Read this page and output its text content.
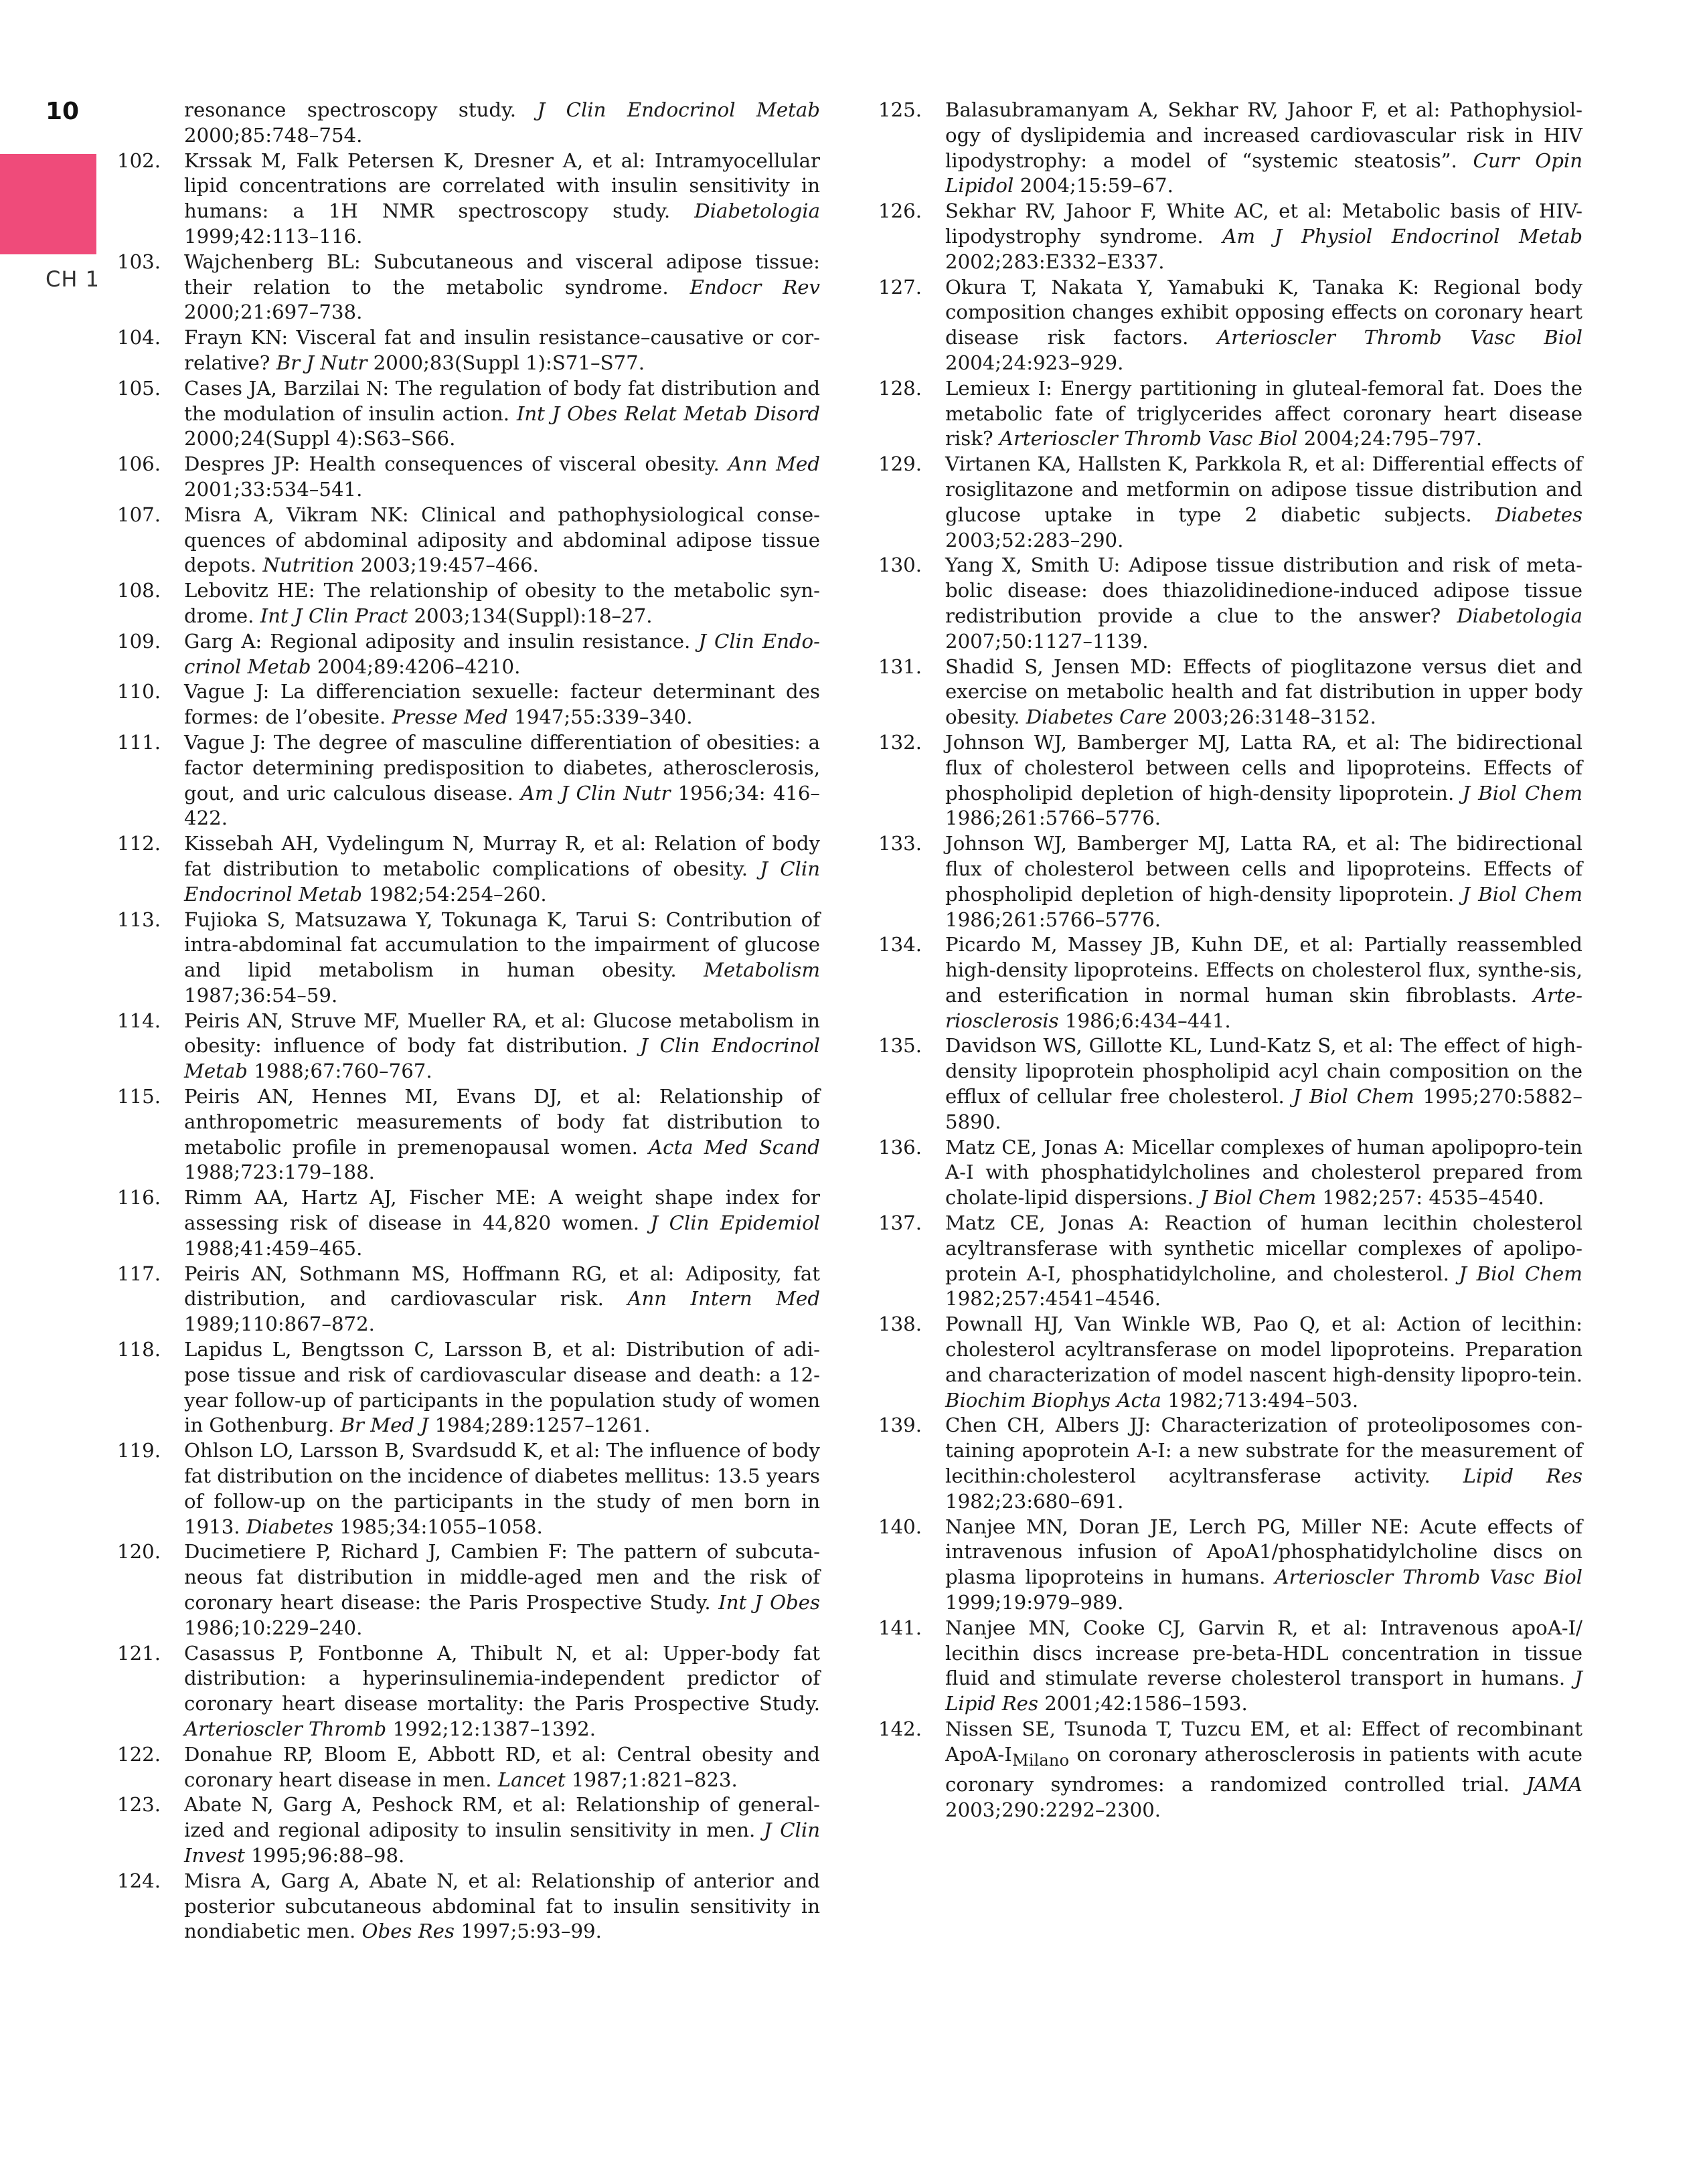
10
CH 1

resonance spectroscopy study. J Clin Endocrinol Metab 2000;85:748–754.

102. Krssak M, Falk Petersen K, Dresner A, et al: Intramyocellular lipid concentrations are correlated with insulin sensitivity in humans: a 1H NMR spectroscopy study. Diabetologia 1999;42:113–116.

103. Wajchenberg BL: Subcutaneous and visceral adipose tissue: their relation to the metabolic syndrome. Endocr Rev 2000;21:697–738.

104. Frayn KN: Visceral fat and insulin resistance–causative or cor-relative? Br J Nutr 2000;83(Suppl 1):S71–S77.

105. Cases JA, Barzilai N: The regulation of body fat distribution and the modulation of insulin action. Int J Obes Relat Metab Disord 2000;24(Suppl 4):S63–S66.

106. Despres JP: Health consequences of visceral obesity. Ann Med 2001;33:534–541.

107. Misra A, Vikram NK: Clinical and pathophysiological conse-quences of abdominal adiposity and abdominal adipose tissue depots. Nutrition 2003;19:457–466.

108. Lebovitz HE: The relationship of obesity to the metabolic syn-drome. Int J Clin Pract 2003;134(Suppl):18–27.

109. Garg A: Regional adiposity and insulin resistance. J Clin Endo-crinol Metab 2004;89:4206–4210.

110. Vague J: La differenciation sexuelle: facteur determinant des formes: de l’obesite. Presse Med 1947;55:339–340.

111. Vague J: The degree of masculine differentiation of obesities: a factor determining predisposition to diabetes, atherosclerosis, gout, and uric calculous disease. Am J Clin Nutr 1956;34: 416–422.

112. Kissebah AH, Vydelingum N, Murray R, et al: Relation of body fat distribution to metabolic complications of obesity. J Clin Endocrinol Metab 1982;54:254–260.

113. Fujioka S, Matsuzawa Y, Tokunaga K, Tarui S: Contribution of intra-abdominal fat accumulation to the impairment of glucose and lipid metabolism in human obesity. Metabolism 1987;36:54–59.

114. Peiris AN, Struve MF, Mueller RA, et al: Glucose metabolism in obesity: influence of body fat distribution. J Clin Endocrinol Metab 1988;67:760–767.

115. Peiris AN, Hennes MI, Evans DJ, et al: Relationship of anthropometric measurements of body fat distribution to metabolic profile in premenopausal women. Acta Med Scand 1988;723:179–188.

116. Rimm AA, Hartz AJ, Fischer ME: A weight shape index for assessing risk of disease in 44,820 women. J Clin Epidemiol 1988;41:459–465.

117. Peiris AN, Sothmann MS, Hoffmann RG, et al: Adiposity, fat distribution, and cardiovascular risk. Ann Intern Med 1989;110:867–872.

118. Lapidus L, Bengtsson C, Larsson B, et al: Distribution of adi-pose tissue and risk of cardiovascular disease and death: a 12-year follow-up of participants in the population study of women in Gothenburg. Br Med J 1984;289:1257–1261.

119. Ohlson LO, Larsson B, Svardsudd K, et al: The influence of body fat distribution on the incidence of diabetes mellitus: 13.5 years of follow-up on the participants in the study of men born in 1913. Diabetes 1985;34:1055–1058.

120. Ducimetiere P, Richard J, Cambien F: The pattern of subcuta-neous fat distribution in middle-aged men and the risk of coronary heart disease: the Paris Prospective Study. Int J Obes 1986;10:229–240.

121. Casassus P, Fontbonne A, Thibult N, et al: Upper-body fat distribution: a hyperinsulinemia-independent predictor of coronary heart disease mortality: the Paris Prospective Study. Arterioscler Thromb 1992;12:1387–1392.

122. Donahue RP, Bloom E, Abbott RD, et al: Central obesity and coronary heart disease in men. Lancet 1987;1:821–823.

123. Abate N, Garg A, Peshock RM, et al: Relationship of general-ized and regional adiposity to insulin sensitivity in men. J Clin Invest 1995;96:88–98.

124. Misra A, Garg A, Abate N, et al: Relationship of anterior and posterior subcutaneous abdominal fat to insulin sensitivity in nondiabetic men. Obes Res 1997;5:93–99.

125. Balasubramanyam A, Sekhar RV, Jahoor F, et al: Pathophysiol-ogy of dyslipidemia and increased cardiovascular risk in HIV lipodystrophy: a model of “systemic steatosis”. Curr Opin Lipidol 2004;15:59–67.

126. Sekhar RV, Jahoor F, White AC, et al: Metabolic basis of HIV-lipodystrophy syndrome. Am J Physiol Endocrinol Metab 2002;283:E332–E337.

127. Okura T, Nakata Y, Yamabuki K, Tanaka K: Regional body composition changes exhibit opposing effects on coronary heart disease risk factors. Arterioscler Thromb Vasc Biol 2004;24:923–929.

128. Lemieux I: Energy partitioning in gluteal-femoral fat. Does the metabolic fate of triglycerides affect coronary heart disease risk? Arterioscler Thromb Vasc Biol 2004;24:795–797.

129. Virtanen KA, Hallsten K, Parkkola R, et al: Differential effects of rosiglitazone and metformin on adipose tissue distribution and glucose uptake in type 2 diabetic subjects. Diabetes 2003;52:283–290.

130. Yang X, Smith U: Adipose tissue distribution and risk of meta-bolic disease: does thiazolidinedione-induced adipose tissue redistribution provide a clue to the answer? Diabetologia 2007;50:1127–1139.

131. Shadid S, Jensen MD: Effects of pioglitazone versus diet and exercise on metabolic health and fat distribution in upper body obesity. Diabetes Care 2003;26:3148–3152.

132. Johnson WJ, Bamberger MJ, Latta RA, et al: The bidirectional flux of cholesterol between cells and lipoproteins. Effects of phospholipid depletion of high-density lipoprotein. J Biol Chem 1986;261:5766–5776.

133. Johnson WJ, Bamberger MJ, Latta RA, et al: The bidirectional flux of cholesterol between cells and lipoproteins. Effects of phospholipid depletion of high-density lipoprotein. J Biol Chem 1986;261:5766–5776.

134. Picardo M, Massey JB, Kuhn DE, et al: Partially reassembled high-density lipoproteins. Effects on cholesterol flux, synthe-sis, and esterification in normal human skin fibroblasts. Arte-riosclerosis 1986;6:434–441.

135. Davidson WS, Gillotte KL, Lund-Katz S, et al: The effect of high-density lipoprotein phospholipid acyl chain composition on the efflux of cellular free cholesterol. J Biol Chem 1995;270:5882–5890.

136. Matz CE, Jonas A: Micellar complexes of human apolipopro-tein A-I with phosphatidylcholines and cholesterol prepared from cholate-lipid dispersions. J Biol Chem 1982;257: 4535–4540.

137. Matz CE, Jonas A: Reaction of human lecithin cholesterol acyltransferase with synthetic micellar complexes of apolipo-protein A-I, phosphatidylcholine, and cholesterol. J Biol Chem 1982;257:4541–4546.

138. Pownall HJ, Van Winkle WB, Pao Q, et al: Action of lecithin: cholesterol acyltransferase on model lipoproteins. Preparation and characterization of model nascent high-density lipopro-tein. Biochim Biophys Acta 1982;713:494–503.

139. Chen CH, Albers JJ: Characterization of proteoliposomes con-taining apoprotein A-I: a new substrate for the measurement of lecithin:cholesterol acyltransferase activity. Lipid Res 1982;23:680–691.

140. Nanjee MN, Doran JE, Lerch PG, Miller NE: Acute effects of intravenous infusion of ApoA1/phosphatidylcholine discs on plasma lipoproteins in humans. Arterioscler Thromb Vasc Biol 1999;19:979–989.

141. Nanjee MN, Cooke CJ, Garvin R, et al: Intravenous apoA-I/ lecithin discs increase pre-beta-HDL concentration in tissue fluid and stimulate reverse cholesterol transport in humans. J Lipid Res 2001;42:1586–1593.

142. Nissen SE, Tsunoda T, Tuzcu EM, et al: Effect of recombinant ApoA-$I_{Milano}$ on coronary atherosclerosis in patients with acute coronary syndromes: a randomized controlled trial. JAMA 2003;290:2292–2300.
